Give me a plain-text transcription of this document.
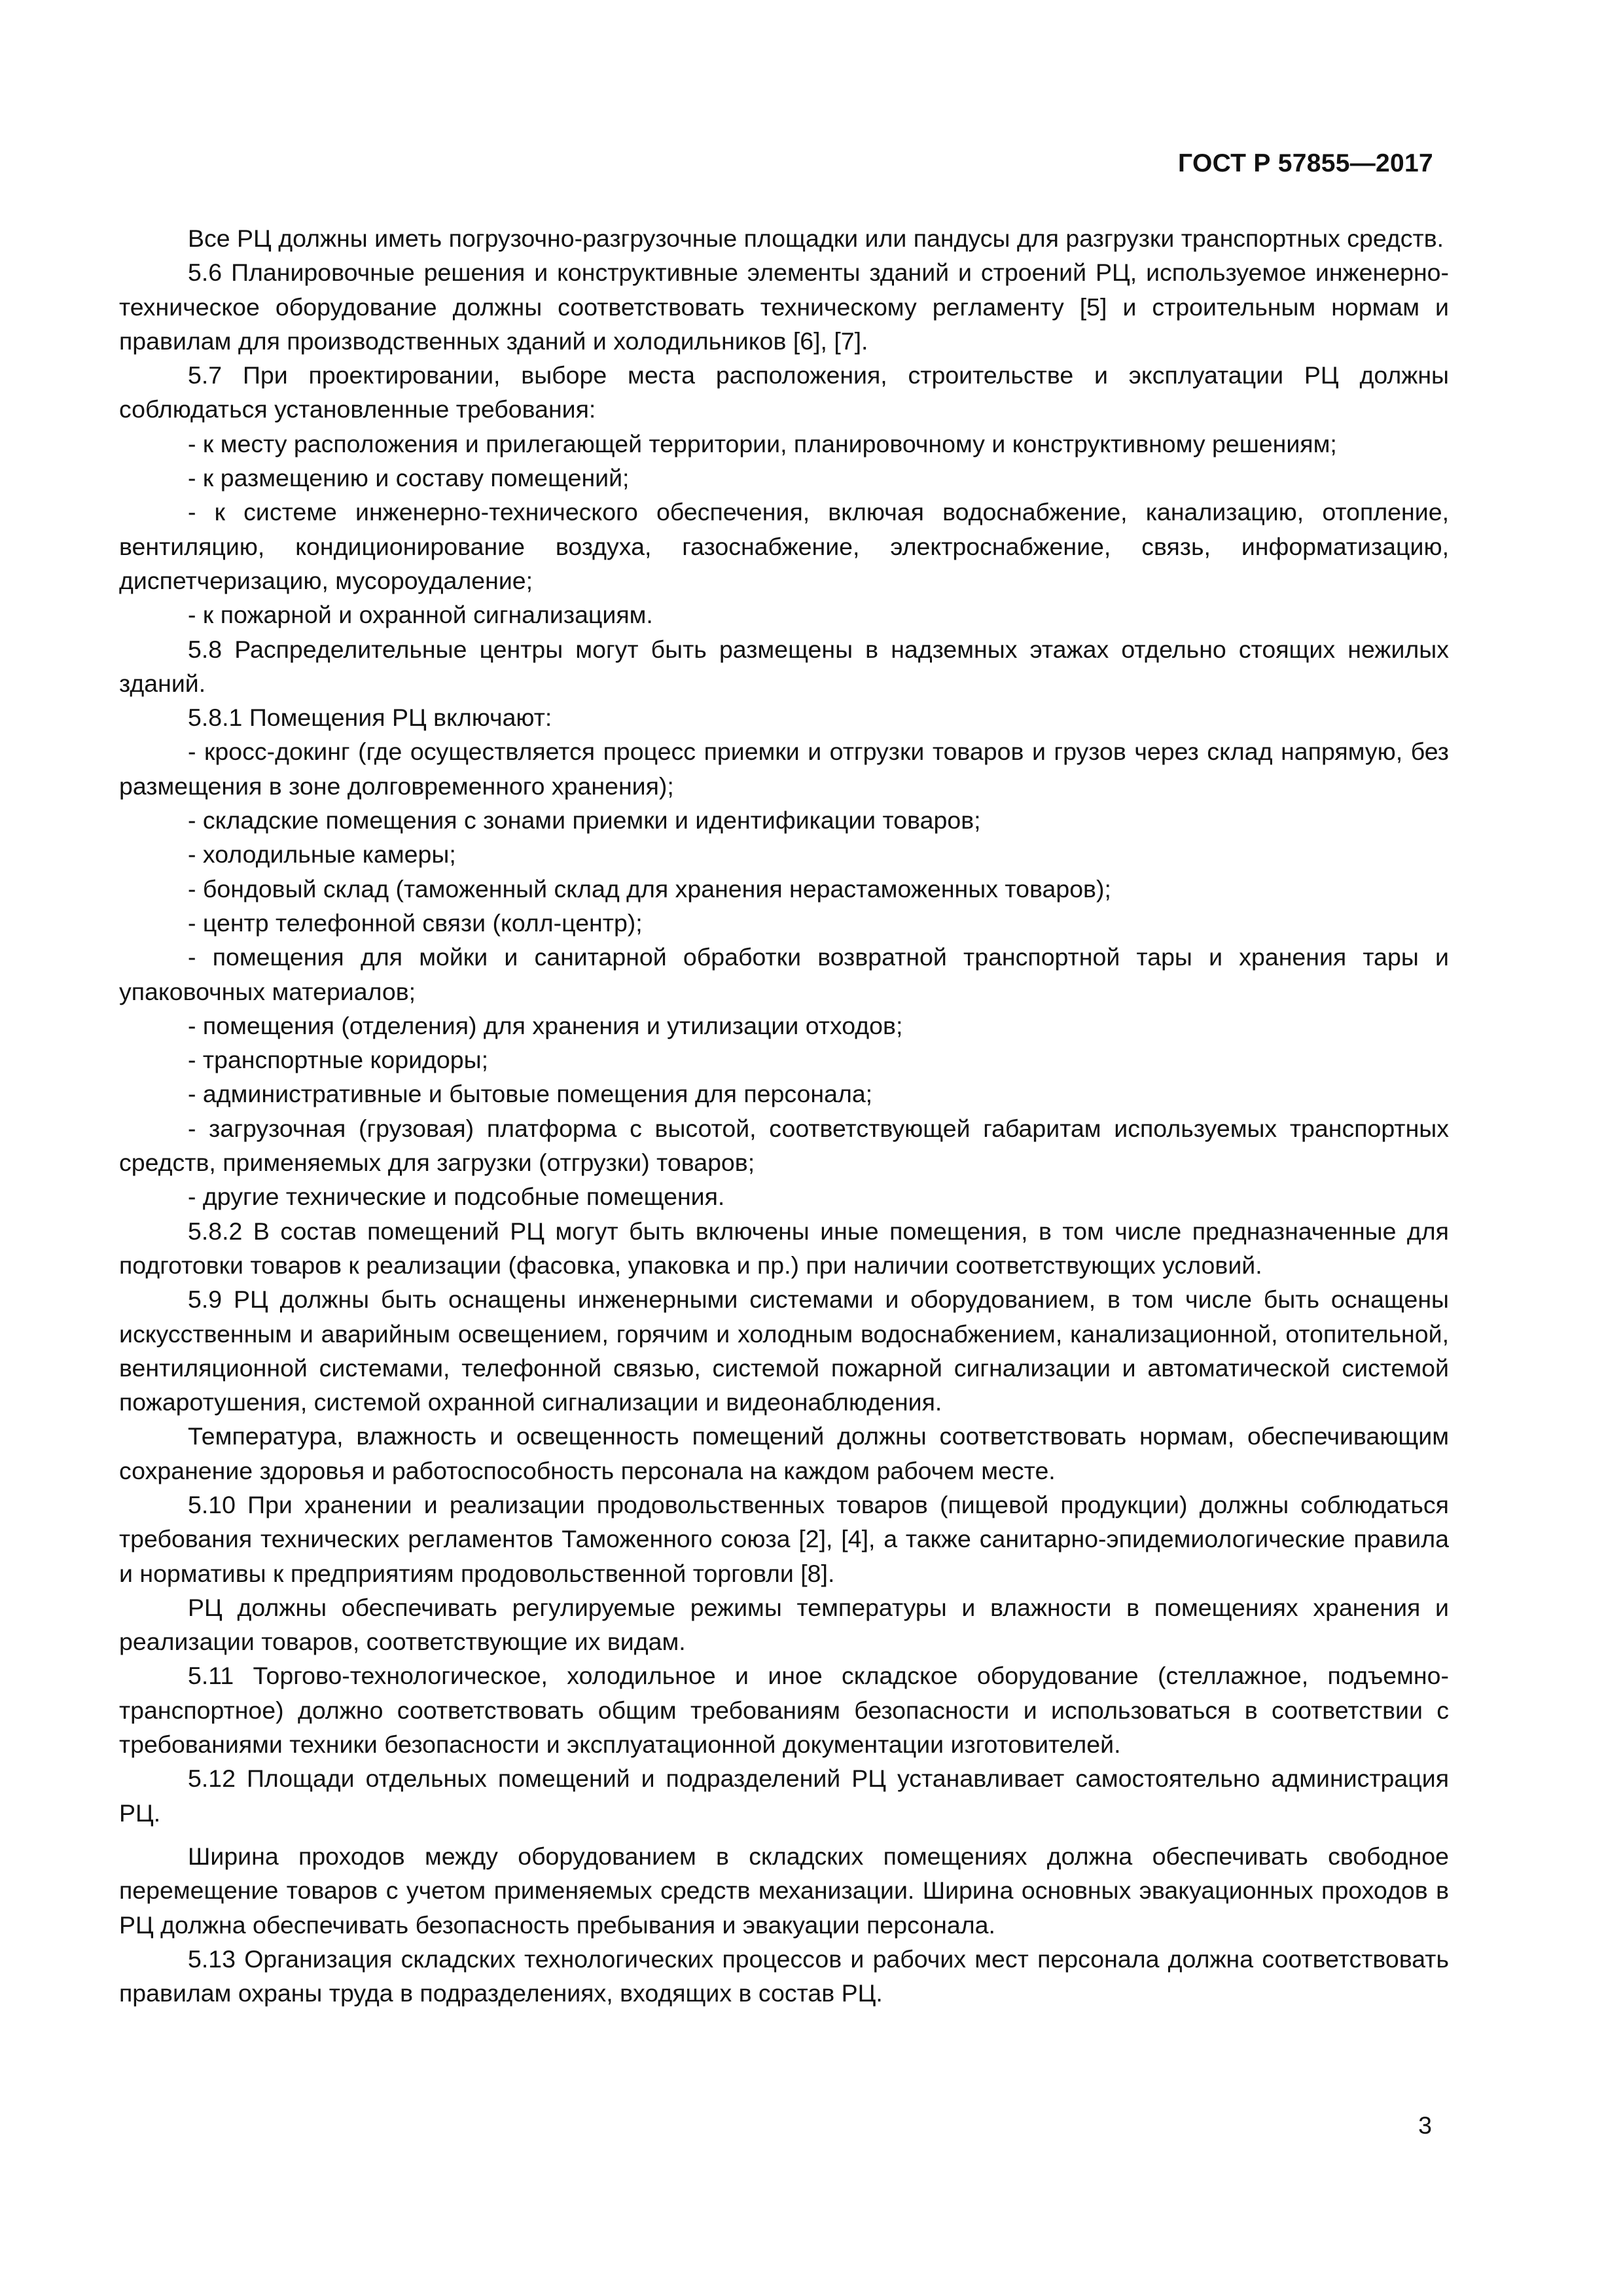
ГОСТ Р 57855—2017

Все РЦ должны иметь погрузочно-разгрузочные площадки или пандусы для разгрузки транспортных средств.

5.6 Планировочные решения и конструктивные элементы зданий и строений РЦ, используемое инженерно-техническое оборудование должны соответствовать техническому регламенту [5] и строительным нормам и правилам для производственных зданий и холодильников [6], [7].

5.7 При проектировании, выборе места расположения, строительстве и эксплуатации РЦ должны соблюдаться установленные требования:

- к месту расположения и прилегающей территории, планировочному и конструктивному решениям;

- к размещению и составу помещений;

- к системе инженерно-технического обеспечения, включая водоснабжение, канализацию, отопление, вентиляцию, кондиционирование воздуха, газоснабжение, электроснабжение, связь, информатизацию, диспетчеризацию, мусороудаление;

- к пожарной и охранной сигнализациям.

5.8 Распределительные центры могут быть размещены в надземных этажах отдельно стоящих нежилых зданий.

5.8.1 Помещения РЦ включают:

- кросс-докинг (где осуществляется процесс приемки и отгрузки товаров и грузов через склад напрямую, без размещения в зоне долговременного хранения);

- складские помещения с зонами приемки и идентификации товаров;

- холодильные камеры;

- бондовый склад (таможенный склад для хранения нерастаможенных товаров);

- центр телефонной связи (колл-центр);

- помещения для мойки и санитарной обработки возвратной транспортной тары и хранения тары и упаковочных материалов;

- помещения (отделения) для хранения и утилизации отходов;

- транспортные коридоры;

- административные и бытовые помещения для персонала;

- загрузочная (грузовая) платформа с высотой, соответствующей габаритам используемых транспортных средств, применяемых для загрузки (отгрузки) товаров;

- другие технические и подсобные помещения.

5.8.2 В состав помещений РЦ могут быть включены иные помещения, в том числе предназначенные для подготовки товаров к реализации (фасовка, упаковка и пр.) при наличии соответствующих условий.

5.9 РЦ должны быть оснащены инженерными системами и оборудованием, в том числе быть оснащены искусственным и аварийным освещением, горячим и холодным водоснабжением, канализационной, отопительной, вентиляционной системами, телефонной связью, системой пожарной сигнализации и автоматической системой пожаротушения, системой охранной сигнализации и видеонаблюдения.

Температура, влажность и освещенность помещений должны соответствовать нормам, обеспечивающим сохранение здоровья и работоспособность персонала на каждом рабочем месте.

5.10 При хранении и реализации продовольственных товаров (пищевой продукции) должны соблюдаться требования технических регламентов Таможенного союза [2], [4], а также санитарно-эпидемиологические правила и нормативы к предприятиям продовольственной торговли [8].

РЦ должны обеспечивать регулируемые режимы температуры и влажности в помещениях хранения и реализации товаров, соответствующие их видам.

5.11 Торгово-технологическое, холодильное и иное складское оборудование (стеллажное, подъемно-транспортное) должно соответствовать общим требованиям безопасности и использоваться в соответствии с требованиями техники безопасности и эксплуатационной документации изготовителей.

5.12 Площади отдельных помещений и подразделений РЦ устанавливает самостоятельно администрация РЦ.

Ширина проходов между оборудованием в складских помещениях должна обеспечивать свободное перемещение товаров с учетом применяемых средств механизации. Ширина основных эвакуационных проходов в РЦ должна обеспечивать безопасность пребывания и эвакуации персонала.

5.13 Организация складских технологических процессов и рабочих мест персонала должна соответствовать правилам охраны труда в подразделениях, входящих в состав РЦ.

3
